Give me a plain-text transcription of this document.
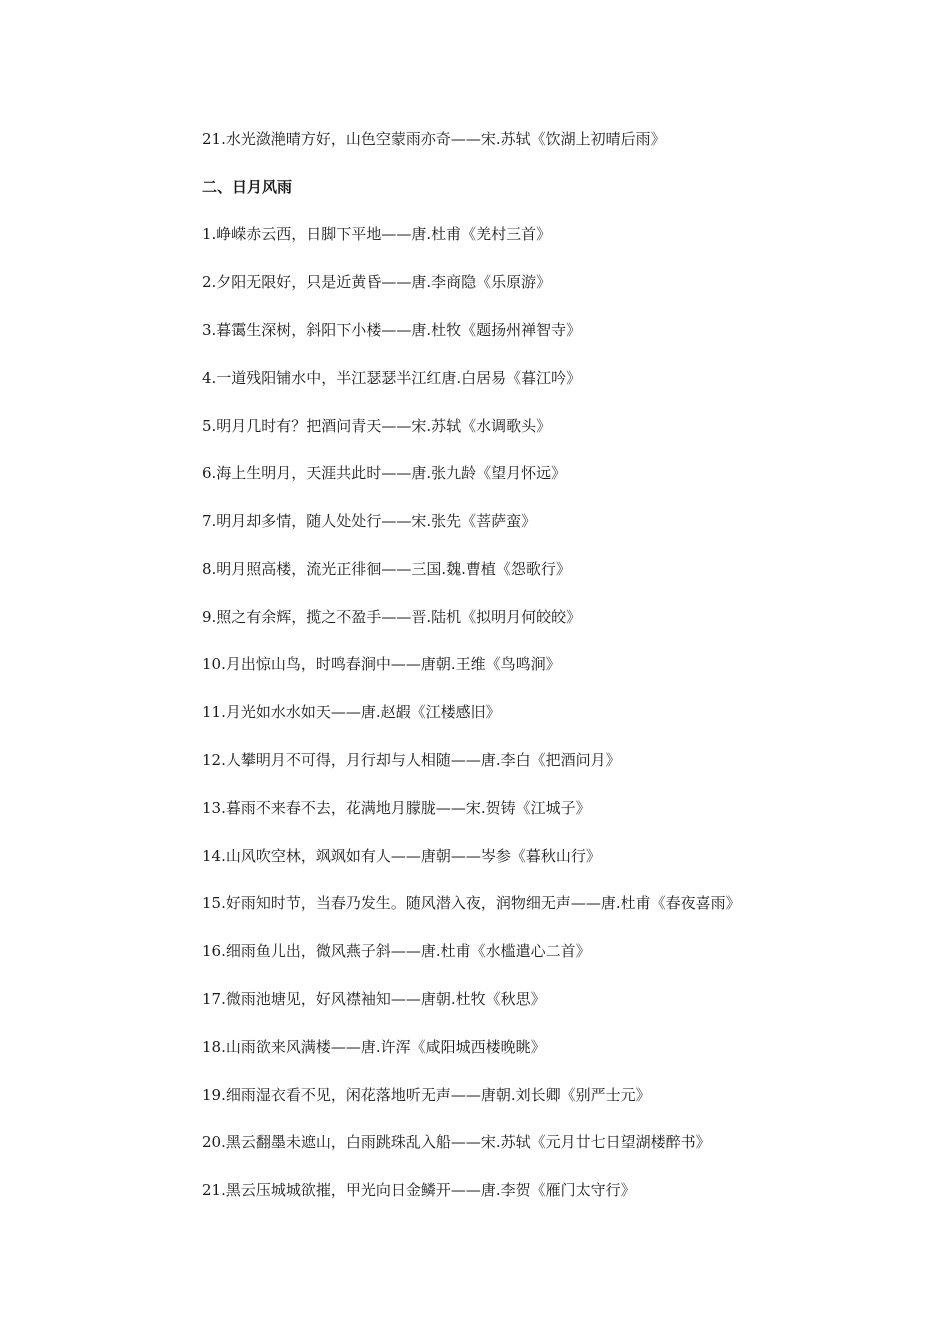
21.水光潋滟晴方好，山色空蒙雨亦奇——宋.苏轼《饮湖上初晴后雨》
二、日月风雨
1.峥嵘赤云西，日脚下平地——唐.杜甫《羌村三首》
2.夕阳无限好，只是近黄昏——唐.李商隐《乐原游》
3.暮霭生深树，斜阳下小楼——唐.杜牧《题扬州禅智寺》
4.一道残阳铺水中，半江瑟瑟半江红唐.白居易《暮江吟》
5.明月几时有？把酒问青天——宋.苏轼《水调歌头》
6.海上生明月，天涯共此时——唐.张九龄《望月怀远》
7.明月却多情，随人处处行——宋.张先《菩萨蛮》
8.明月照高楼，流光正徘徊——三国.魏.曹植《怨歌行》
9.照之有余辉，揽之不盈手——晋.陆机《拟明月何皎皎》
10.月出惊山鸟，时鸣春涧中——唐朝.王维《鸟鸣涧》
11.月光如水水如天——唐.赵嘏《江楼感旧》
12.人攀明月不可得，月行却与人相随——唐.李白《把酒问月》
13.暮雨不来春不去，花满地月朦胧——宋.贺铸《江城子》
14.山风吹空林，飒飒如有人——唐朝——岑参《暮秋山行》
15.好雨知时节，当春乃发生。随风潜入夜，润物细无声——唐.杜甫《春夜喜雨》
16.细雨鱼儿出，微风燕子斜——唐.杜甫《水槛遣心二首》
17.微雨池塘见，好风襟袖知——唐朝.杜牧《秋思》
18.山雨欲来风满楼——唐.许浑《咸阳城西楼晚眺》
19.细雨湿衣看不见，闲花落地听无声——唐朝.刘长卿《别严士元》
20.黑云翻墨未遮山，白雨跳珠乱入船——宋.苏轼《元月廿七日望湖楼醉书》
21.黑云压城城欲摧，甲光向日金鳞开——唐.李贺《雁门太守行》
